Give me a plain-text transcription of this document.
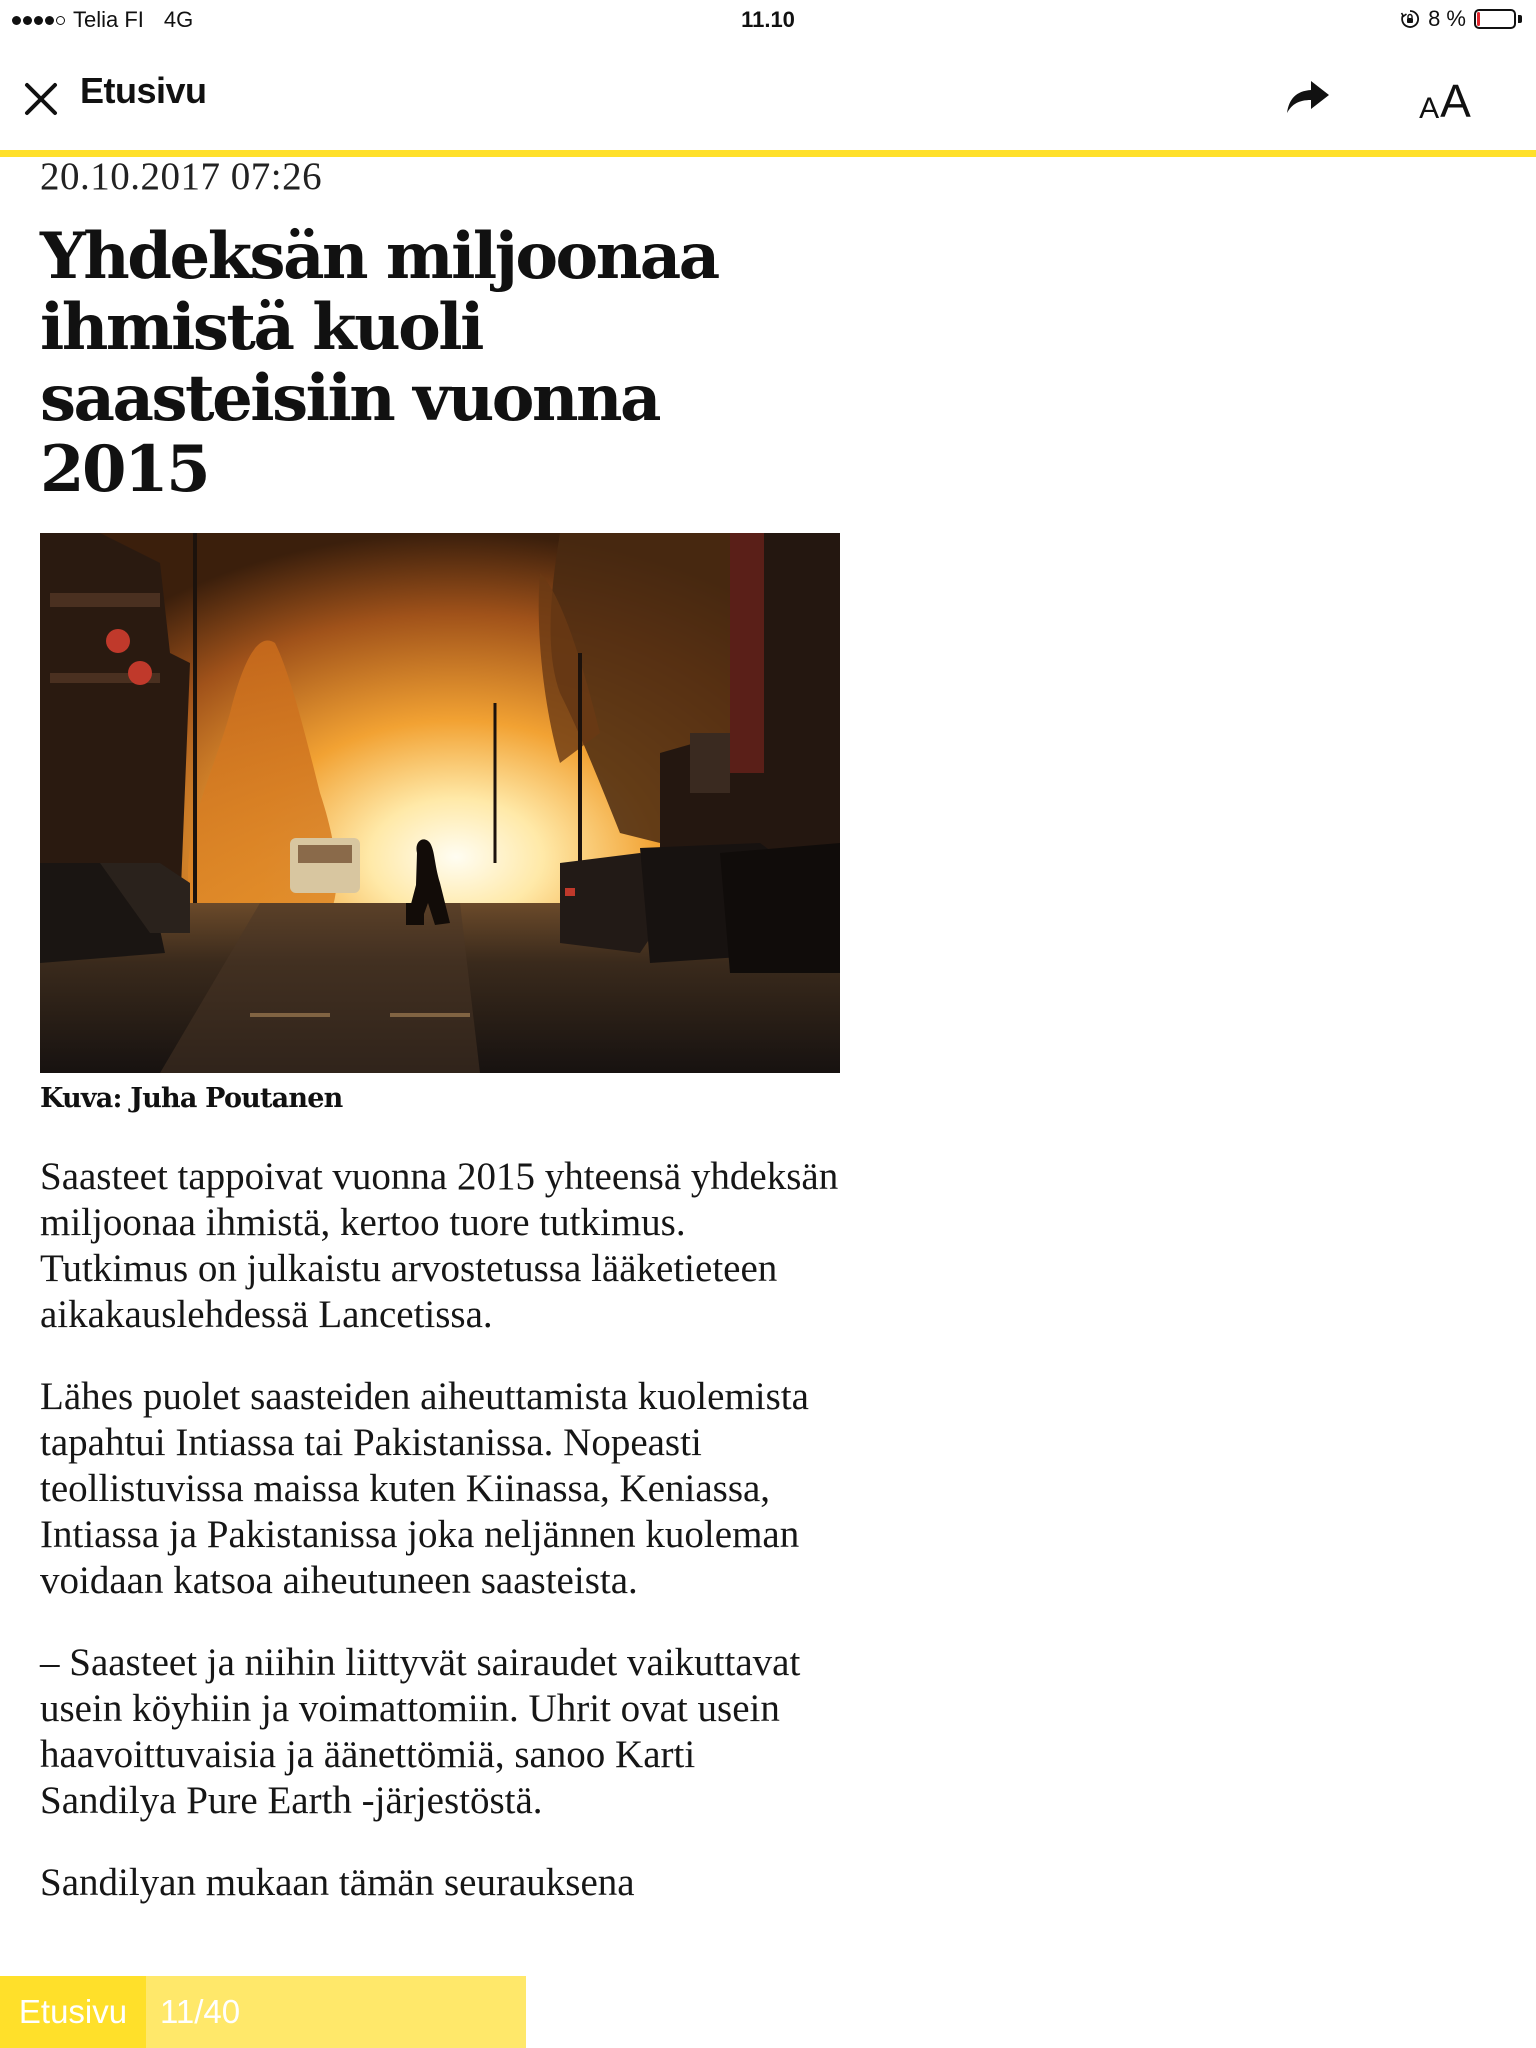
Telia FI 4G	11.10	8 %
Etusivu	A A
20.10.2017 07:26
Yhdeksän miljoonaa ihmistä kuoli saasteisiin vuonna 2015
Kuva: Juha Poutanen

Saasteet tappoivat vuonna 2015 yhteensä yhdeksän miljoonaa ihmistä, kertoo tuore tutkimus. Tutkimus on julkaistu arvostetussa lääketieteen aikakauslehdessä Lancetissa.

Lähes puolet saasteiden aiheuttamista kuolemista tapahtui Intiassa tai Pakistanissa. Nopeasti teollistuvissa maissa kuten Kiinassa, Keniassa, Intiassa ja Pakistanissa joka neljännen kuoleman voidaan katsoa aiheutuneen saasteista.

– Saasteet ja niihin liittyvät sairaudet vaikuttavat usein köyhiin ja voimattomiin. Uhrit ovat usein haavoittuvaisia ja äänettömiä, sanoo Karti Sandilya Pure Earth -järjestöstä.

Sandilyan mukaan tämän seurauksena

Etusivu 11/40
